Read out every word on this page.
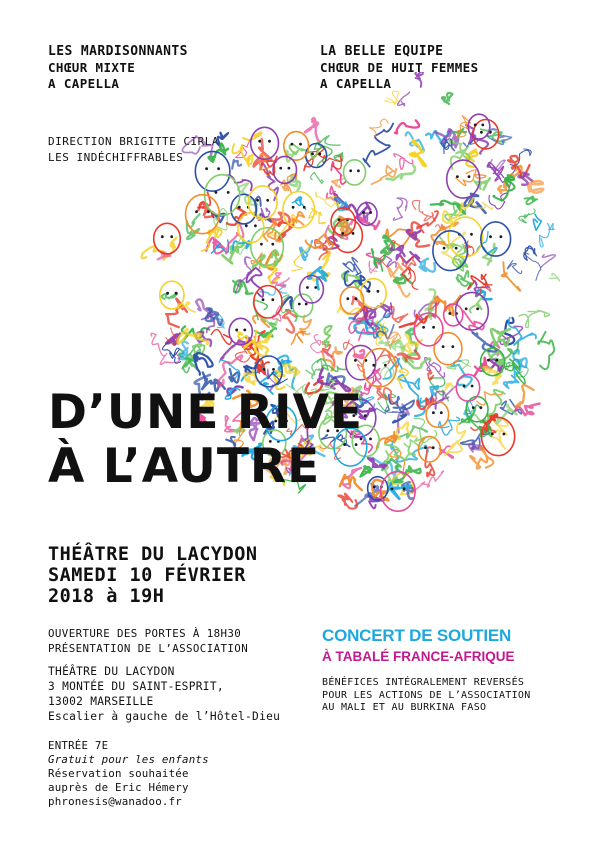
LES MARDISONNANTS
CHŒUR MIXTE
A CAPELLA
LA BELLE EQUIPE
CHŒUR DE HUIT FEMMES
A CAPELLA
DIRECTION BRIGITTE CIRLA
LES INDÉCHIFFRABLES
D’UNE RIVE
À L’AUTRE
THÉÂTRE DU LACYDON
SAMEDI 10 FÉVRIER
2018 à 19H
OUVERTURE DES PORTES À 18H30
PRÉSENTATION DE L’ASSOCIATION
THÉÂTRE DU LACYDON
3 MONTÉE DU SAINT-ESPRIT,
13002 MARSEILLE
Escalier à gauche de l’Hôtel-Dieu
ENTRÉE 7E
Gratuit pour les enfants
Réservation souhaitée
auprès de Eric Hémery
phronesis@wanadoo.fr
CONCERT DE SOUTIEN
À TABALÉ FRANCE-AFRIQUE
BÉNÉFICES INTÉGRALEMENT REVERSÉS
POUR LES ACTIONS DE L’ASSOCIATION
AU MALI ET AU BURKINA FASO
